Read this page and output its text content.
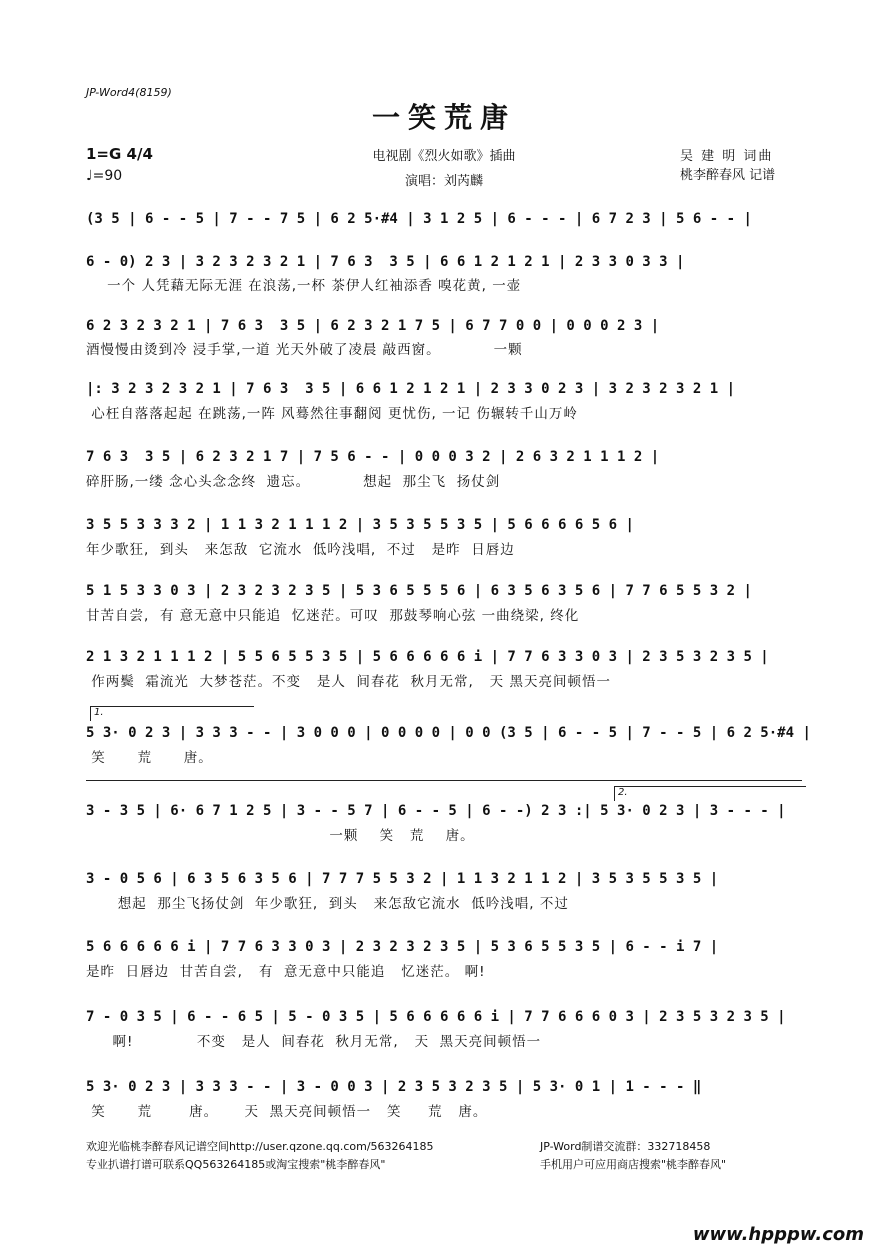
JP-Word4(8159)
一笑荒唐
1=G 4/4
♩=90
电视剧《烈火如歌》插曲
演唱：刘芮麟
吴 建 明 词曲
桃李醉春风 记谱
(3 5 | 6 - - 5 | 7 - - 7 5 | 6 2 5·#4 | 3 1 2 5 | 6 - - - | 6 7 2 3 | 5 6 - - |
6 - 0) 2 3 | 3 2 3 2 3 2 1 | 7 6 3  3 5 | 6 6 1 2 1 2 1 | 2 3 3 0 3 3 |
一个 人凭藉无际无涯 在浪荡,一杯 茶伊人红袖添香 嗅花黄, 一壶
6 2 3 2 3 2 1 | 7 6 3  3 5 | 6 2 3 2 1 7 5 | 6 7 7 0 0 | 0 0 0 2 3 |
酒慢慢由烫到冷 浸手掌,一道 光天外破了凌晨 敲西窗。          一颗
|: 3 2 3 2 3 2 1 | 7 6 3  3 5 | 6 6 1 2 1 2 1 | 2 3 3 0 2 3 | 3 2 3 2 3 2 1 |
心枉自落落起起 在跳荡,一阵 风蓦然往事翻阅 更忧伤, 一记 伤辗转千山万岭
7 6 3  3 5 | 6 2 3 2 1 7 | 7 5 6 - - | 0 0 0 3 2 | 2 6 3 2 1 1 1 2 |
碎肝肠,一缕 念心头念念终  遗忘。          想起  那尘飞  扬仗剑
3 5 5 3 3 3 2 | 1 1 3 2 1 1 1 2 | 3 5 3 5 5 3 5 | 5 6 6 6 6 5 6 |
年少歌狂,  到头   来怎敌  它流水  低吟浅唱,  不过   是昨  日唇边
5 1 5 3 3 0 3 | 2 3 2 3 2 3 5 | 5 3 6 5 5 5 6 | 6 3 5 6 3 5 6 | 7 7 6 5 5 3 2 |
甘苦自尝,  有 意无意中只能追  忆迷茫。可叹  那鼓琴响心弦 一曲绕梁, 终化
2 1 3 2 1 1 1 2 | 5 5 6 5 5 3 5 | 5 6 6 6 6 6 i | 7 7 6 3 3 0 3 | 2 3 5 3 2 3 5 |
作两鬓  霜流光  大梦苍茫。不变   是人  间春花  秋月无常,   天 黑天亮间顿悟一
1.
5 3· 0 2 3 | 3 3 3 - - | 3 0 0 0 | 0 0 0 0 | 0 0 (3 5 | 6 - - 5 | 7 - - 5 | 6 2 5·#4 |
笑      荒      唐。
2.
3 - 3 5 | 6· 6 7 1 2 5 | 3 - - 5 7 | 6 - - 5 | 6 - -) 2 3 :| 5 3· 0 2 3 | 3 - - - |
一颗    笑   荒    唐。
3 - 0 5 6 | 6 3 5 6 3 5 6 | 7 7 7 5 5 3 2 | 1 1 3 2 1 1 2 | 3 5 3 5 5 3 5 |
想起  那尘飞扬仗剑  年少歌狂,  到头   来怎敌它流水  低吟浅唱, 不过
5 6 6 6 6 6 i | 7 7 6 3 3 0 3 | 2 3 2 3 2 3 5 | 5 3 6 5 5 3 5 | 6 - - i 7 |
是昨  日唇边  甘苦自尝,   有  意无意中只能追   忆迷茫。 啊!
7 - 0 3 5 | 6 - - 6 5 | 5 - 0 3 5 | 5 6 6 6 6 6 i | 7 7 6 6 6 0 3 | 2 3 5 3 2 3 5 |
啊!            不变   是人  间春花  秋月无常,   天  黑天亮间顿悟一
5 3· 0 2 3 | 3 3 3 - - | 3 - 0 0 3 | 2 3 5 3 2 3 5 | 5 3· 0 1 | 1 - - - ‖
笑      荒       唐。     天  黑天亮间顿悟一   笑     荒   唐。
欢迎光临桃李醉春风记谱空间http://user.qzone.qq.com/563264185	JP-Word制谱交流群：332718458
专业扒谱打谱可联系QQ563264185或淘宝搜索"桃李醉春风"	手机用户可应用商店搜索"桃李醉春风"
www.hpppw.com
